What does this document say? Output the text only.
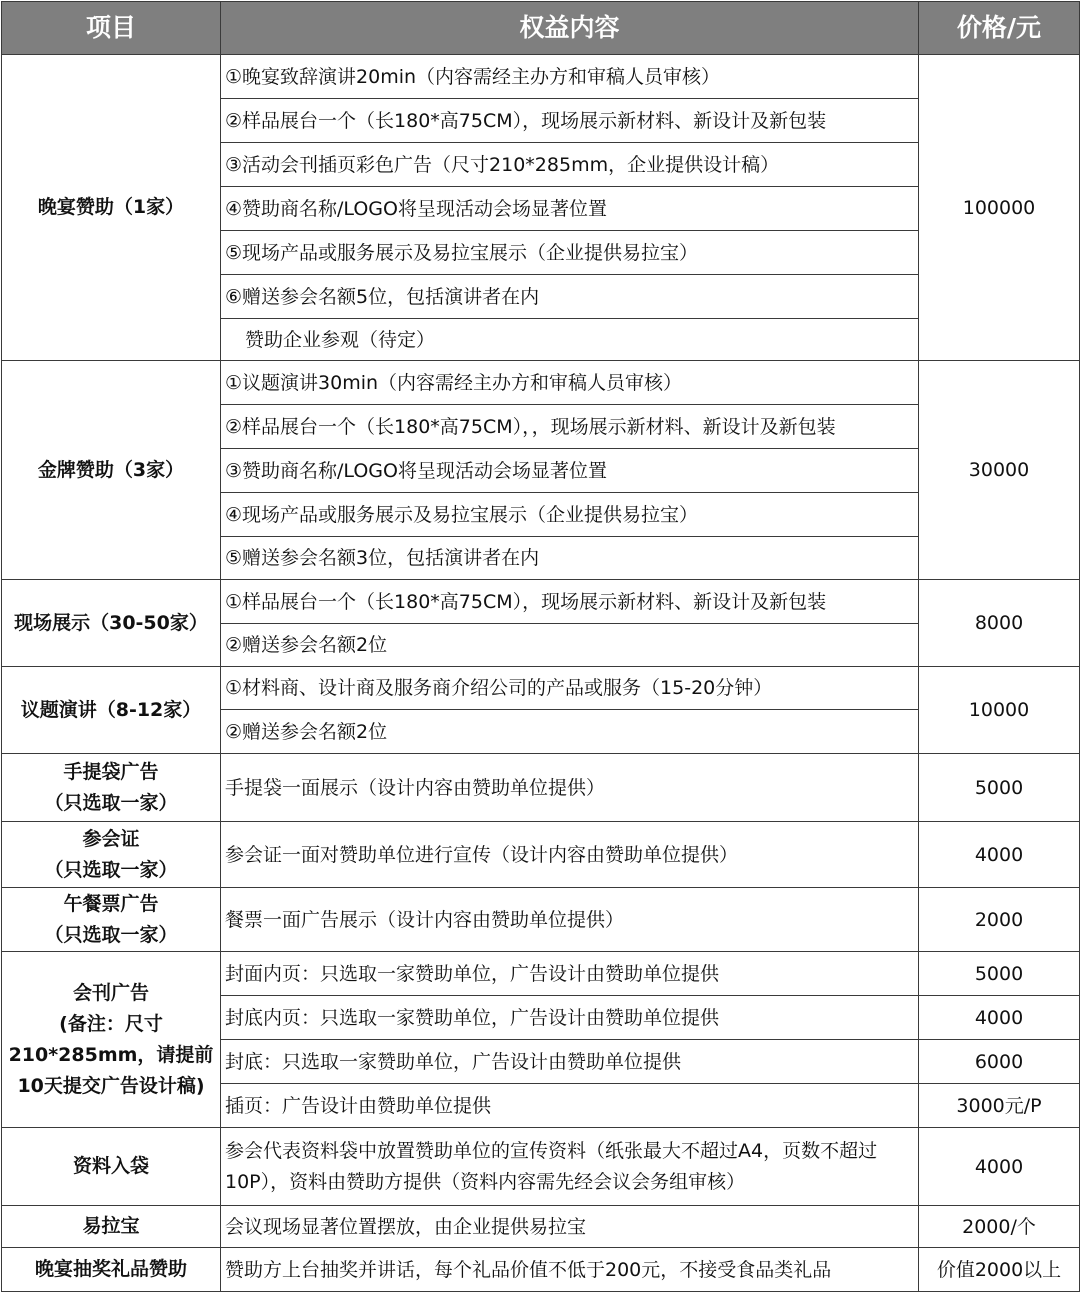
项目	权益内容	价格/元

晚宴赞助（1家）	①晚宴致辞演讲20min（内容需经主办方和审稿人员审核）	100000
	②样品展台一个（长180*高75CM），现场展示新材料、新设计及新包装	
	③活动会刊插页彩色广告（尺寸210*285mm，企业提供设计稿）	
	④赞助商名称/LOGO将呈现活动会场显著位置	
	⑤现场产品或服务展示及易拉宝展示（企业提供易拉宝）	
	⑥赠送参会名额5位，包括演讲者在内	
	赞助企业参观（待定）	

金牌赞助（3家）	①议题演讲30min（内容需经主办方和审稿人员审核）	30000
	②样品展台一个（长180*高75CM），，现场展示新材料、新设计及新包装	
	③赞助商名称/LOGO将呈现活动会场显著位置	
	④现场产品或服务展示及易拉宝展示（企业提供易拉宝）	
	⑤赠送参会名额3位，包括演讲者在内	

现场展示（30-50家）	①样品展台一个（长180*高75CM），现场展示新材料、新设计及新包装	8000
	②赠送参会名额2位	

议题演讲（8-12家）	①材料商、设计商及服务商介绍公司的产品或服务（15-20分钟）	10000
	②赠送参会名额2位	

手提袋广告
（只选取一家）	手提袋一面展示（设计内容由赞助单位提供）	5000

参会证
（只选取一家）	参会证一面对赞助单位进行宣传（设计内容由赞助单位提供）	4000

午餐票广告
（只选取一家）	餐票一面广告展示（设计内容由赞助单位提供）	2000

会刊广告
(备注：尺寸
210*285mm，请提前
10天提交广告设计稿)	封面内页：只选取一家赞助单位，广告设计由赞助单位提供	5000
	封底内页：只选取一家赞助单位，广告设计由赞助单位提供	4000
	封底：只选取一家赞助单位，广告设计由赞助单位提供	6000
	插页：广告设计由赞助单位提供	3000元/P

资料入袋	参会代表资料袋中放置赞助单位的宣传资料（纸张最大不超过A4，页数不超过10P），资料由赞助方提供（资料内容需先经会议会务组审核）	4000

易拉宝	会议现场显著位置摆放，由企业提供易拉宝	2000/个

晚宴抽奖礼品赞助	赞助方上台抽奖并讲话，每个礼品价值不低于200元，不接受食品类礼品	价值2000以上
